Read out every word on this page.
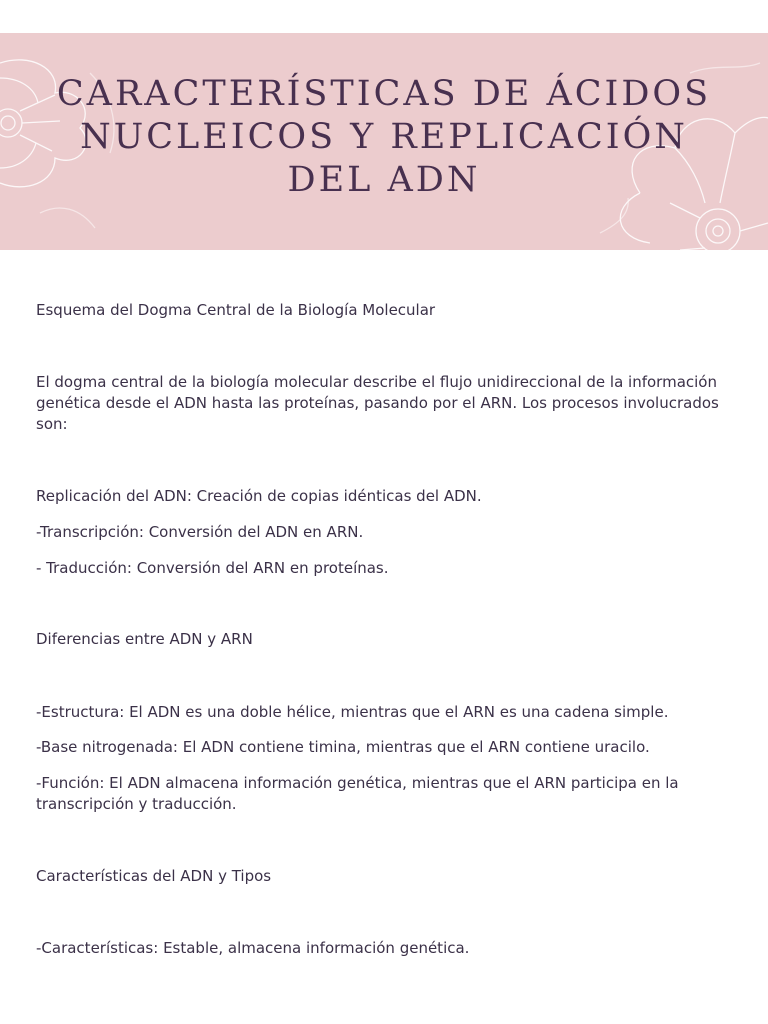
CARACTERÍSTICAS DE ÁCIDOS NUCLEICOS Y REPLICACIÓN DEL ADN

Esquema del Dogma Central de la Biología Molecular

El dogma central de la biología molecular describe el flujo unidireccional de la información genética desde el ADN hasta las proteínas, pasando por el ARN. Los procesos involucrados son:

Replicación del ADN: Creación de copias idénticas del ADN.

-Transcripción: Conversión del ADN en ARN.

- Traducción: Conversión del ARN en proteínas.

Diferencias entre ADN y ARN

-Estructura: El ADN es una doble hélice, mientras que el ARN es una cadena simple.

-Base nitrogenada: El ADN contiene timina, mientras que el ARN contiene uracilo.

-Función: El ADN almacena información genética, mientras que el ARN participa en la transcripción y traducción.

Características del ADN y Tipos

-Características: Estable, almacena información genética.
